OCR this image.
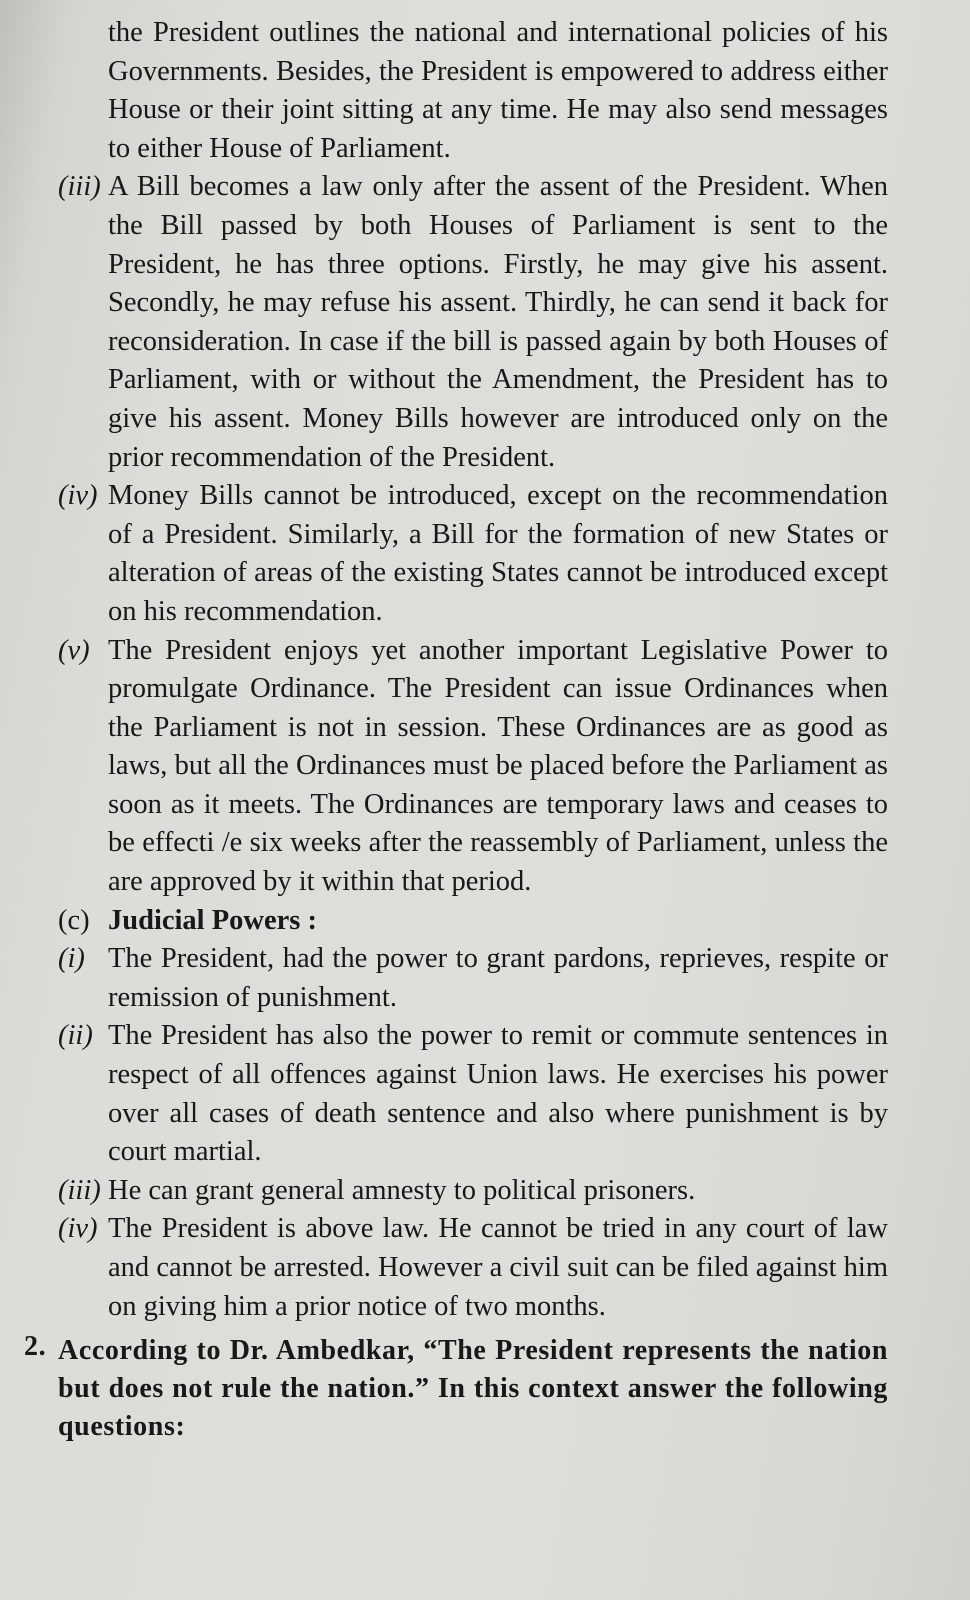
the President outlines the national and international policies of his Governments. Besides, the President is empowered to address either House or their joint sitting at any time. He may also send messages to either House of Parliament.
(iii) A Bill becomes a law only after the assent of the President. When the Bill passed by both Houses of Parliament is sent to the President, he has three options. Firstly, he may give his assent. Secondly, he may refuse his assent. Thirdly, he can send it back for reconsideration. In case if the bill is passed again by both Houses of Parliament, with or without the Amendment, the President has to give his assent. Money Bills however are introduced only on the prior recommendation of the President.
(iv) Money Bills cannot be introduced, except on the recommendation of a President. Similarly, a Bill for the formation of new States or alteration of areas of the existing States cannot be introduced except on his recommendation.
(v) The President enjoys yet another important Legislative Power to promulgate Ordinance. The President can issue Ordinances when the Parliament is not in session. These Ordinances are as good as laws, but all the Ordinances must be placed before the Parliament as soon as it meets. The Ordinances are temporary laws and ceases to be effecti /e six weeks after the reassembly of Parliament, unless the are approved by it within that period.
(c) Judicial Powers :
(i) The President, had the power to grant pardons, reprieves, respite or remission of punishment.
(ii) The President has also the power to remit or commute sentences in respect of all offences against Union laws. He exercises his power over all cases of death sentence and also where punishment is by court martial.
(iii) He can grant general amnesty to political prisoners.
(iv) The President is above law. He cannot be tried in any court of law and cannot be arrested. However a civil suit can be filed against him on giving him a prior notice of two months.
2. According to Dr. Ambedkar, “The President represents the nation but does not rule the nation.” In this context answer the following questions:
